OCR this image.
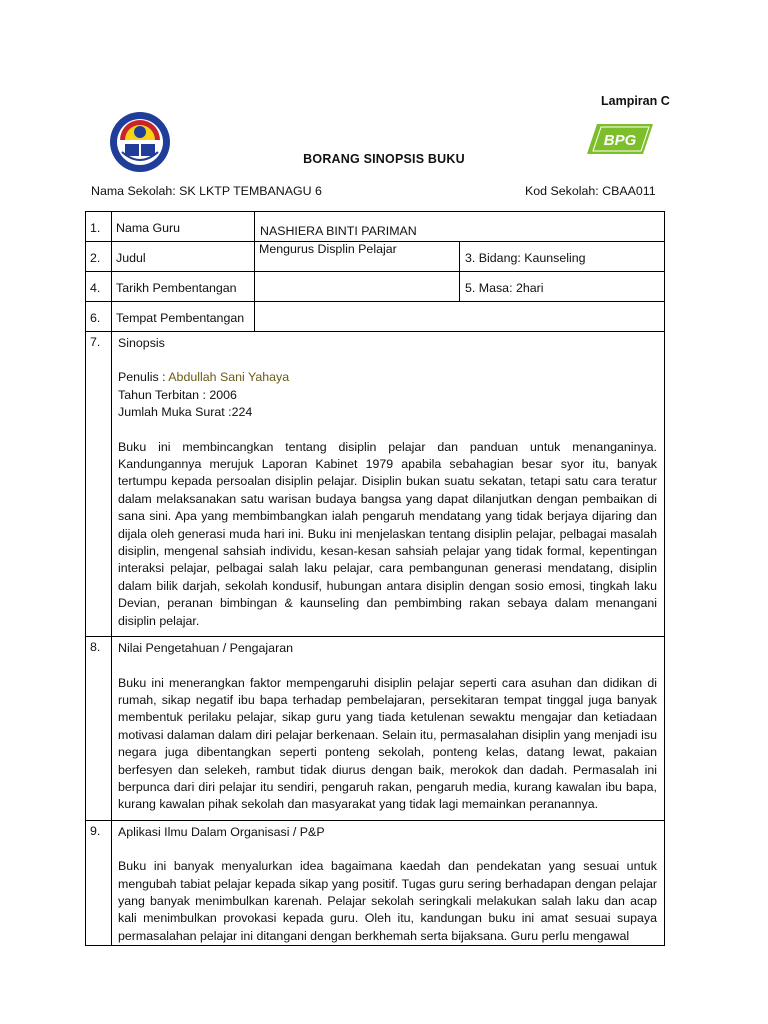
Lampiran C
BPG
BORANG SINOPSIS BUKU
Nama Sekolah: SK LKTP TEMBANAGU 6	Kod Sekolah: CBAA011
1.	Nama Guru	NASHIERA BINTI PARIMAN	
2.	Judul	Mengurus Displin Pelajar	3. Bidang: Kaunseling
4.	Tarikh Pembentangan		5. Masa: 2hari
6.	Tempat Pembentangan		
7.	Sinopsis
Penulis : Abdullah Sani Yahaya
Tahun Terbitan : 2006
Jumlah Muka Surat :224

Buku ini membincangkan tentang disiplin pelajar dan panduan untuk menanganinya. Kandungannya merujuk Laporan Kabinet 1979 apabila sebahagian besar syor itu, banyak tertumpu kepada persoalan disiplin pelajar. Disiplin bukan suatu sekatan, tetapi satu cara teratur dalam melaksanakan satu warisan budaya bangsa yang dapat dilanjutkan dengan pembaikan di sana sini. Apa yang membimbangkan ialah pengaruh mendatang yang tidak berjaya dijaring dan dijala oleh generasi muda hari ini. Buku ini menjelaskan tentang disiplin pelajar, pelbagai masalah disiplin, mengenal sahsiah individu, kesan-kesan sahsiah pelajar yang tidak formal, kepentingan interaksi pelajar, pelbagai salah laku pelajar, cara pembangunan generasi mendatang, disiplin dalam bilik darjah, sekolah kondusif, hubungan antara disiplin dengan sosio emosi, tingkah laku Devian, peranan bimbingan & kaunseling dan pembimbing rakan sebaya dalam menangani disiplin pelajar.		

8.	Nilai Pengetahuan / Pengajaran

Buku ini menerangkan faktor mempengaruhi disiplin pelajar seperti cara asuhan dan didikan di rumah, sikap negatif ibu bapa terhadap pembelajaran, persekitaran tempat tinggal juga banyak membentuk perilaku pelajar, sikap guru yang tiada ketulenan sewaktu mengajar dan ketiadaan motivasi dalaman dalam diri pelajar berkenaan. Selain itu, permasalahan disiplin yang menjadi isu negara juga dibentangkan seperti ponteng sekolah, ponteng kelas, datang lewat, pakaian berfesyen dan selekeh, rambut tidak diurus dengan baik, merokok dan dadah. Permasalah ini berpunca dari diri pelajar itu sendiri, pengaruh rakan, pengaruh media, kurang kawalan ibu bapa, kurang kawalan pihak sekolah dan masyarakat yang tidak lagi memainkan peranannya.		

9.	Aplikasi Ilmu Dalam Organisasi / P&P

Buku ini banyak menyalurkan idea bagaimana kaedah dan pendekatan yang sesuai untuk mengubah tabiat pelajar kepada sikap yang positif. Tugas guru sering berhadapan dengan pelajar yang banyak menimbulkan karenah. Pelajar sekolah seringkali melakukan salah laku dan acap kali menimbulkan provokasi kepada guru. Oleh itu, kandungan buku ini amat sesuai supaya permasalahan pelajar ini ditangani dengan berkhemah serta bijaksana. Guru perlu mengawal		
